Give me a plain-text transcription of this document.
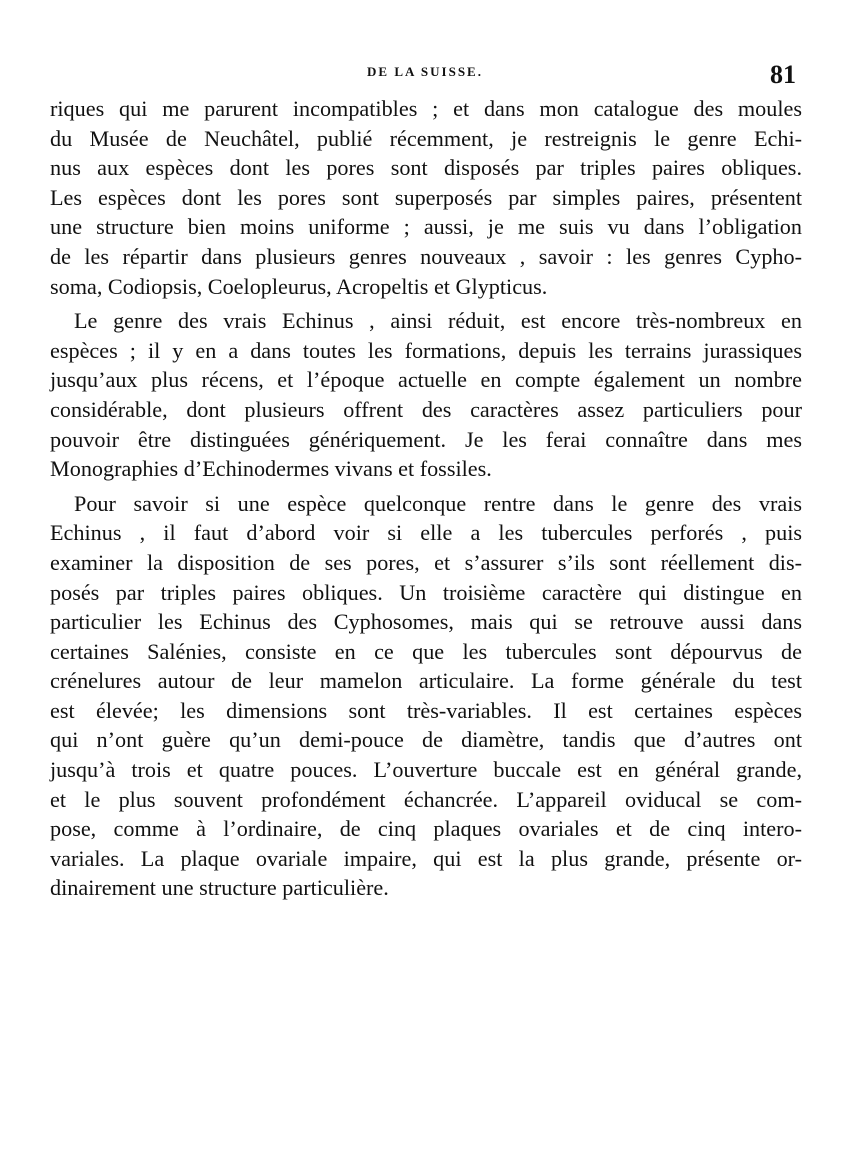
DE LA SUISSE.	81
riques qui me parurent incompatibles ; et dans mon catalogue des moules
du Musée de Neuchâtel, publié récemment, je restreignis le genre Echi-
nus aux espèces dont les pores sont disposés par triples paires obliques.
Les espèces dont les pores sont superposés par simples paires, présentent
une structure bien moins uniforme ; aussi, je me suis vu dans l’obligation
de les répartir dans plusieurs genres nouveaux , savoir : les genres Cypho-
soma, Codiopsis, Coelopleurus, Acropeltis et Glypticus.
Le genre des vrais Echinus , ainsi réduit, est encore très-nombreux en
espèces ; il y en a dans toutes les formations, depuis les terrains jurassiques
jusqu’aux plus récens, et l’époque actuelle en compte également un nombre
considérable, dont plusieurs offrent des caractères assez particuliers pour
pouvoir être distinguées génériquement. Je les ferai connaître dans mes
Monographies d’Echinodermes vivans et fossiles.
Pour savoir si une espèce quelconque rentre dans le genre des vrais
Echinus , il faut d’abord voir si elle a les tubercules perforés , puis
examiner la disposition de ses pores, et s’assurer s’ils sont réellement dis-
posés par triples paires obliques. Un troisième caractère qui distingue en
particulier les Echinus des Cyphosomes, mais qui se retrouve aussi dans
certaines Salénies, consiste en ce que les tubercules sont dépourvus de
crénelures autour de leur mamelon articulaire. La forme générale du test
est élevée; les dimensions sont très-variables. Il est certaines espèces
qui n’ont guère qu’un demi-pouce de diamètre, tandis que d’autres ont
jusqu’à trois et quatre pouces. L’ouverture buccale est en général grande,
et le plus souvent profondément échancrée. L’appareil oviducal se com-
pose, comme à l’ordinaire, de cinq plaques ovariales et de cinq intero-
variales. La plaque ovariale impaire, qui est la plus grande, présente or-
dinairement une structure particulière.
